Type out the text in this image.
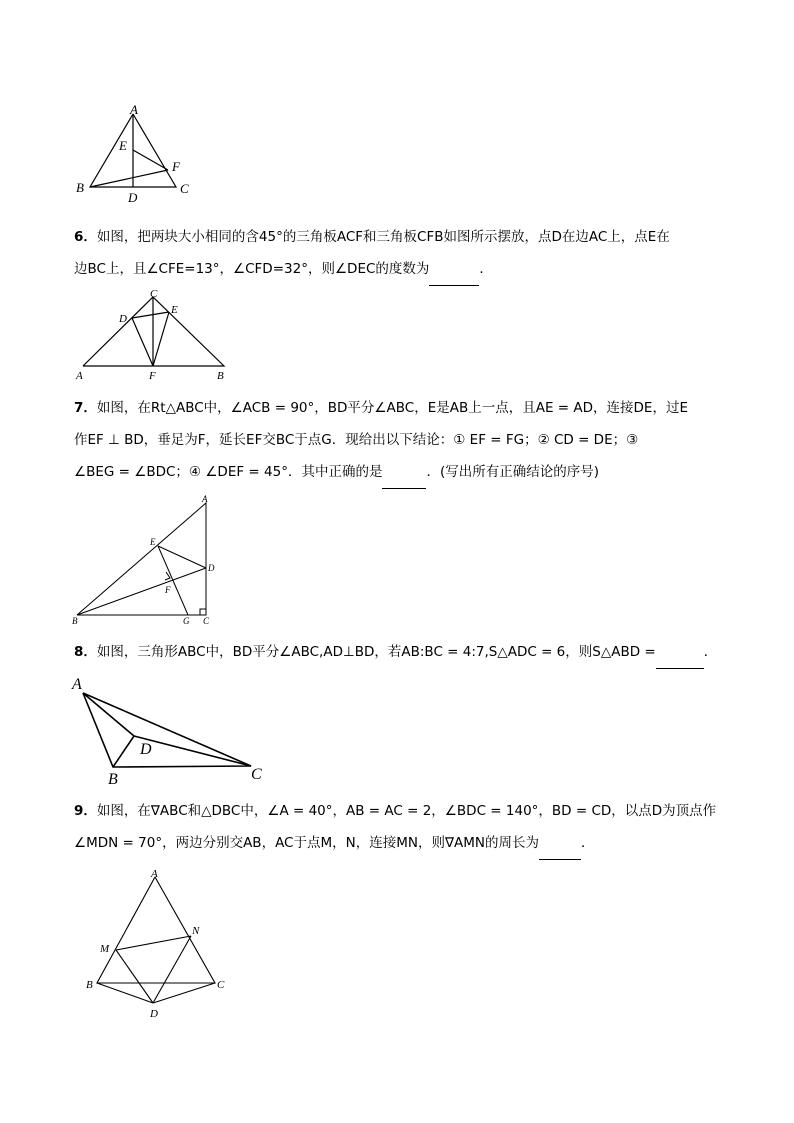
A
E
F
B
D
C

6．如图，把两块大小相同的含45°的三角板ACF和三角板CFB如图所示摆放，点D在边AC上，点E在

边BC上，且∠CFE=13°，∠CFD=32°，则∠DEC的度数为	．

C
E
D
A	F	B

7．如图，在Rt△ABC中，∠ACB = 90°，BD平分∠ABC，E是AB上一点，且AE = AD，连接DE，过E

作EF ⊥ BD，垂足为F，延长EF交BC于点G．现给出以下结论：① EF = FG；② CD = DE；③

∠BEG = ∠BDC；④ ∠DEF = 45°．其中正确的是	．(写出所有正确结论的序号)

A
E
D
F
B	G C

8．如图，三角形ABC中，BD平分∠ABC,AD⊥BD，若AB:BC = 4:7,S△ADC = 6，则S△ABD =	．

A
D
B	C

9．如图，在∇ABC和△DBC中，∠A = 40°，AB = AC = 2，∠BDC = 140°，BD = CD，以点D为顶点作

∠MDN = 70°，两边分别交AB，AC于点M，N，连接MN，则∇AMN的周长为	．

A
N
M
B	C
D
